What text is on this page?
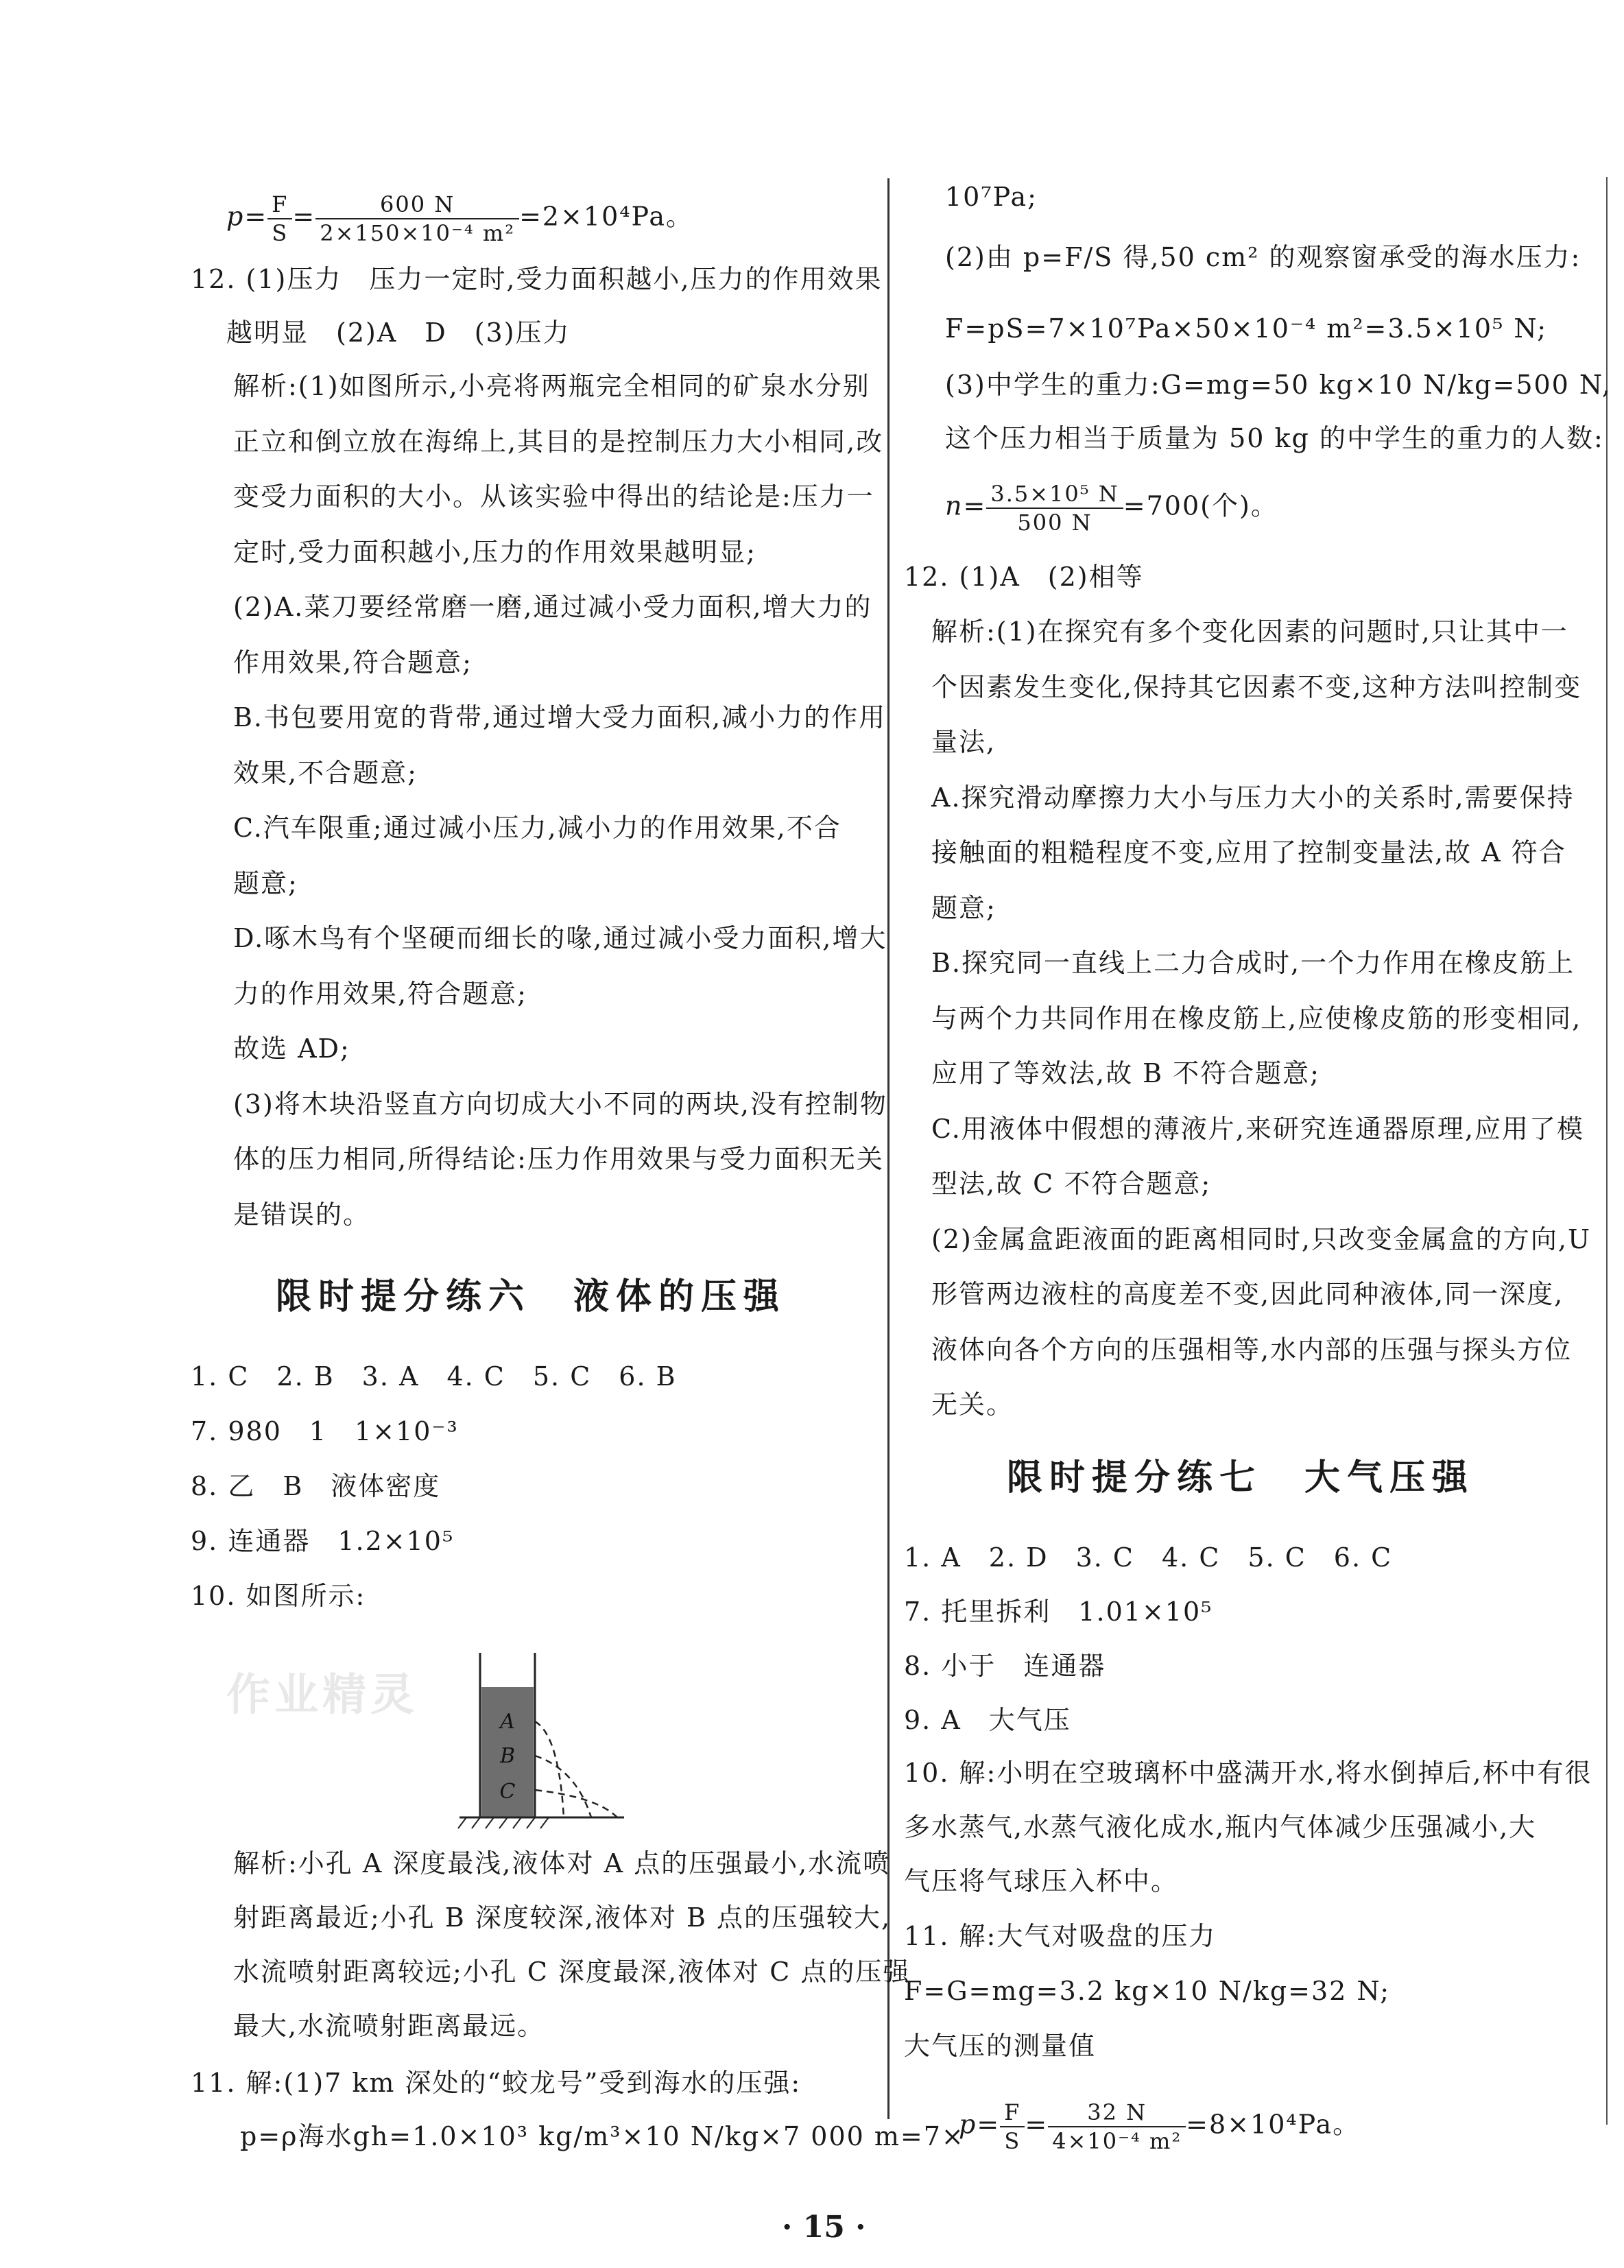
$p= \frac{F}{S} = \frac{600 N}{\text{2×150×10⁻⁴ m²}} =2\times 10^4Pa$。
12. (1)压力　压力一定时,受力面积越小,压力的作用效果
越明显　(2)A　D　(3)压力
解析:(1)如图所示,小亮将两瓶完全相同的矿泉水分别
正立和倒立放在海绵上,其目的是控制压力大小相同,改
变受力面积的大小。从该实验中得出的结论是:压力一
定时,受力面积越小,压力的作用效果越明显;
(2)A.菜刀要经常磨一磨,通过减小受力面积,增大力的
作用效果,符合题意;
B.书包要用宽的背带,通过增大受力面积,减小力的作用
效果,不合题意;
C.汽车限重;通过减小压力,减小力的作用效果,不合
题意;
D.啄木鸟有个坚硬而细长的喙,通过减小受力面积,增大
力的作用效果,符合题意;
故选 AD;
(3)将木块沿竖直方向切成大小不同的两块,没有控制物
体的压力相同,所得结论:压力作用效果与受力面积无关
是错误的。
限时提分练六　液体的压强
1. C　2. B　3. A　4. C　5. C　6. B
7. 980　1　1×10⁻³
8. 乙　B　液体密度
9. 连通器　1.2×10⁵
10. 如图所示:
作业精灵
解析:小孔 A 深度最浅,液体对 A 点的压强最小,水流喷
射距离最近;小孔 B 深度较深,液体对 B 点的压强较大,
水流喷射距离较远;小孔 C 深度最深,液体对 C 点的压强
最大,水流喷射距离最远。
11. 解:(1)7 km 深处的“蛟龙号”受到海水的压强:
p=ρ海水gh=1.0×10³ kg/m³×10 N/kg×7 000 m=7×
A
B
C
10⁷Pa;
(2)由 p=F/S 得,50 cm² 的观察窗承受的海水压力:
F=pS=7×10⁷Pa×50×10⁻⁴ m²=3.5×10⁵ N;
(3)中学生的重力:G=mg=50 kg×10 N/kg=500 N,
这个压力相当于质量为 50 kg 的中学生的重力的人数:
$n= \frac{\text{3.5×10⁵ N}}{500 N} =700$(个)。
12. (1)A　(2)相等
解析:(1)在探究有多个变化因素的问题时,只让其中一
个因素发生变化,保持其它因素不变,这种方法叫控制变
量法,
A.探究滑动摩擦力大小与压力大小的关系时,需要保持
接触面的粗糙程度不变,应用了控制变量法,故 A 符合
题意;
B.探究同一直线上二力合成时,一个力作用在橡皮筋上
与两个力共同作用在橡皮筋上,应使橡皮筋的形变相同,
应用了等效法,故 B 不符合题意;
C.用液体中假想的薄液片,来研究连通器原理,应用了模
型法,故 C 不符合题意;
(2)金属盒距液面的距离相同时,只改变金属盒的方向,U
形管两边液柱的高度差不变,因此同种液体,同一深度,
液体向各个方向的压强相等,水内部的压强与探头方位
无关。
限时提分练七　大气压强
1. A　2. D　3. C　4. C　5. C　6. C
7. 托里拆利　1.01×10⁵
8. 小于　连通器
9. A　大气压
10. 解:小明在空玻璃杯中盛满开水,将水倒掉后,杯中有很
多水蒸气,水蒸气液化成水,瓶内气体减少压强减小,大
气压将气球压入杯中。
11. 解:大气对吸盘的压力
F=G=mg=3.2 kg×10 N/kg=32 N;
大气压的测量值
$p= \frac{F}{S} = \frac{32 N}{\text{4×10⁻⁴ m²}} =8\times 10^4Pa$。
· 15 ·
